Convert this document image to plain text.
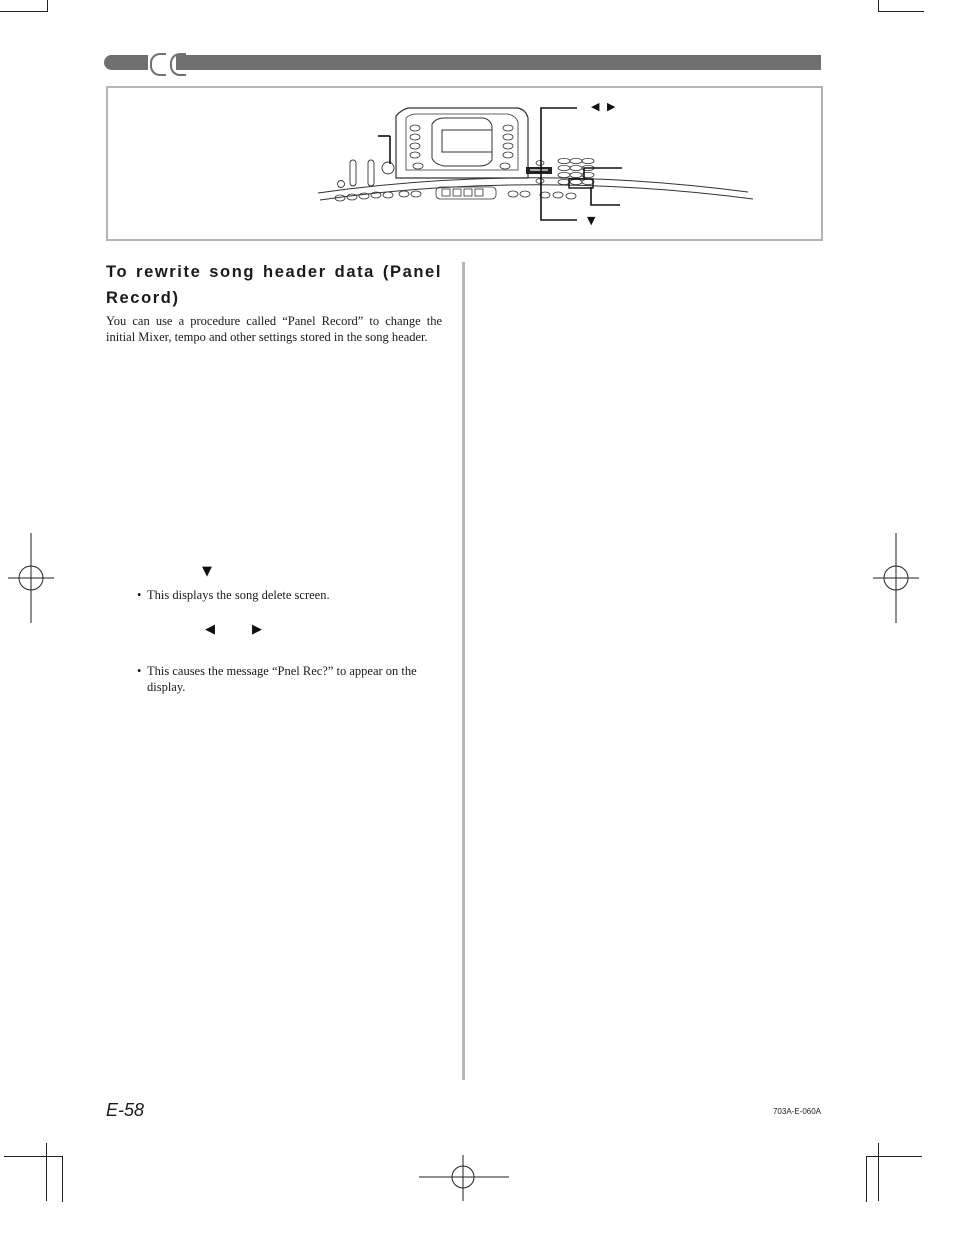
◀ ▶
▼
To rewrite song header data (Panel Record)
You can use a procedure called “Panel Record” to change the initial Mixer, tempo and other settings stored in the song header.
▼
• This displays the song delete screen.
◀	▶
• This causes the message “Pnel Rec?” to appear on the display.
E-58	703A-E-060A
